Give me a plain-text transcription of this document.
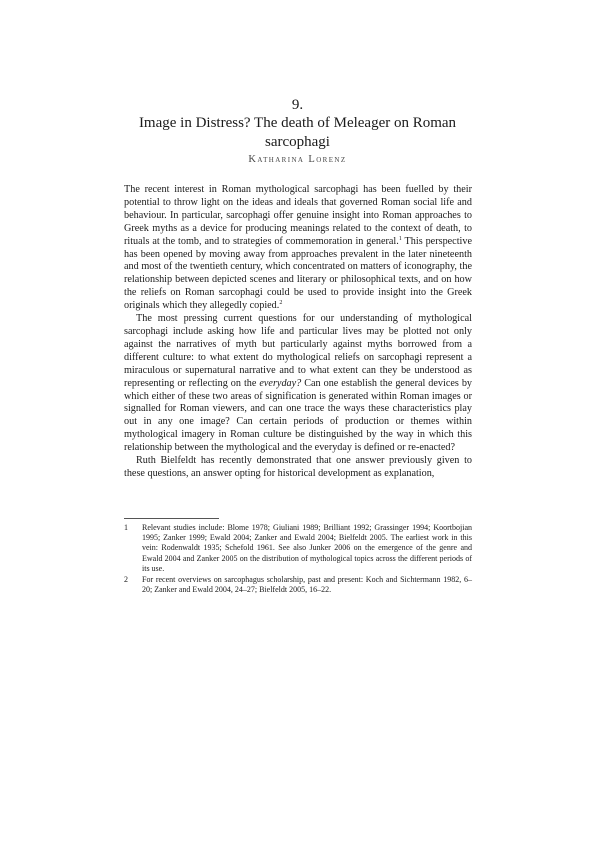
9.
Image in Distress? The death of Meleager on Roman sarcophagi
Katharina Lorenz

The recent interest in Roman mythological sarcophagi has been fuelled by their potential to throw light on the ideas and ideals that governed Roman social life and behaviour. In particular, sarcophagi offer genuine insight into Roman approaches to Greek myths as a device for producing meanings related to the context of death, to rituals at the tomb, and to strategies of commemoration in general.$^1$ This perspective has been opened by moving away from approaches prevalent in the later nineteenth and most of the twentieth century, which concentrated on matters of iconography, the relationship between depicted scenes and literary or philosophical texts, and on how the reliefs on Roman sarcophagi could be used to provide insight into the Greek originals which they allegedly copied.$^2$

The most pressing current questions for our understanding of mythological sarcophagi include asking how life and particular lives may be plotted not only against the narratives of myth but particularly against myths borrowed from a different culture: to what extent do mythological reliefs on sarcophagi represent a miraculous or supernatural narrative and to what extent can they be understood as representing or reflecting on the everyday? Can one establish the general devices by which either of these two areas of signification is generated within Roman images or signalled for Roman viewers, and can one trace the ways these characteristics play out in any one image? Can certain periods of production or themes within mythological imagery in Roman culture be distinguished by the way in which this relationship between the mythological and the everyday is defined or re-enacted?

Ruth Bielfeldt has recently demonstrated that one answer previously given to these questions, an answer opting for historical development as explanation,

1	Relevant studies include: Blome 1978; Giuliani 1989; Brilliant 1992; Grassinger 1994; Koortbojian 1995; Zanker 1999; Ewald 2004; Zanker and Ewald 2004; Bielfeldt 2005. The earliest work in this vein: Rodenwaldt 1935; Schefold 1961. See also Junker 2006 on the emergence of the genre and Ewald 2004 and Zanker 2005 on the distribution of mythological topics across the different periods of its use.
2	For recent overviews on sarcophagus scholarship, past and present: Koch and Sichtermann 1982, 6–20; Zanker and Ewald 2004, 24–27; Bielfeldt 2005, 16–22.
